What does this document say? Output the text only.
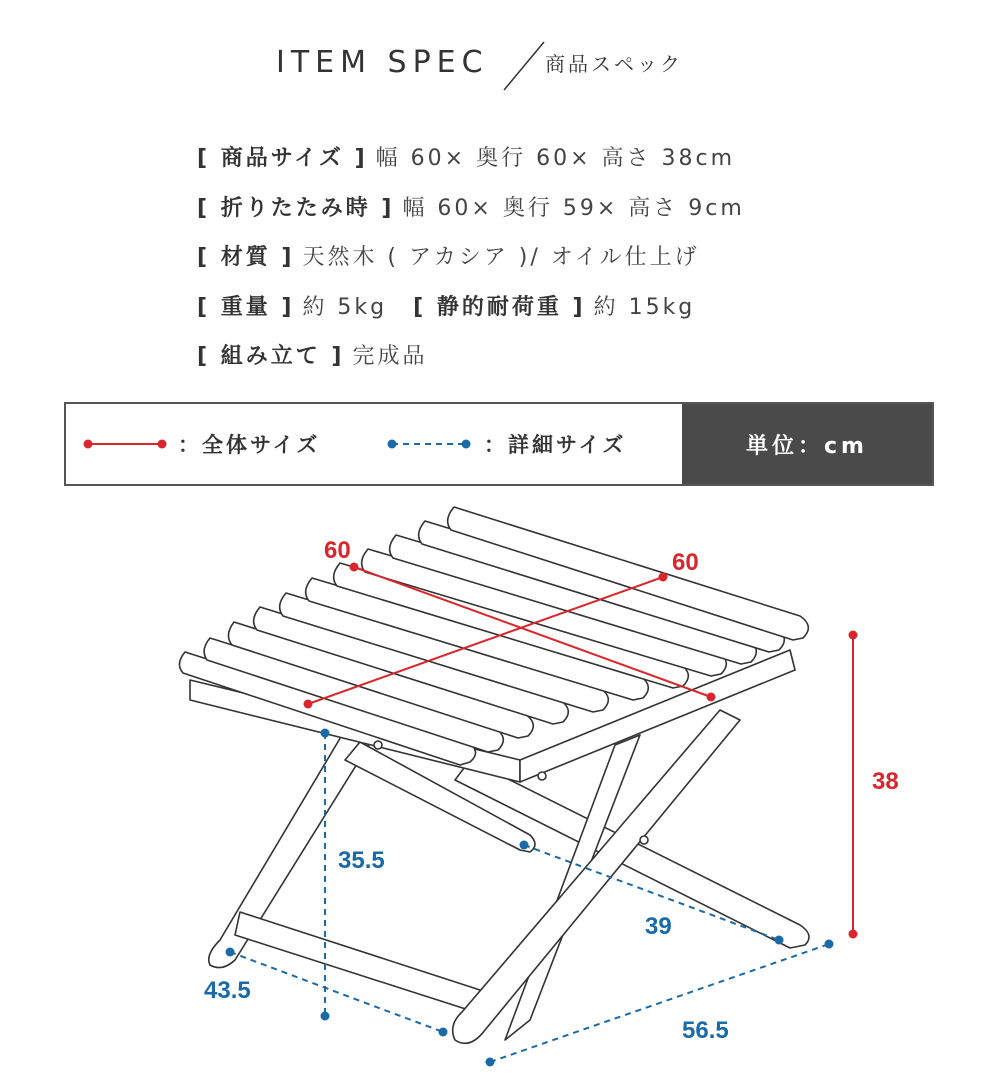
ITEM SPEC	商品スペック
[ 商品サイズ ] 幅 60× 奥行 60× 高さ 38cm
[ 折りたたみ時 ] 幅 60× 奥行 59× 高さ 9cm
[ 材質 ] 天然木 ( アカシア )/ オイル仕上げ
[ 重量 ] 約 5kg [ 静的耐荷重 ] 約 15kg
[ 組み立て ] 完成品
：全体サイズ	：詳細サイズ	単位：cm
60	60
38
35.5
39
43.5
56.5
